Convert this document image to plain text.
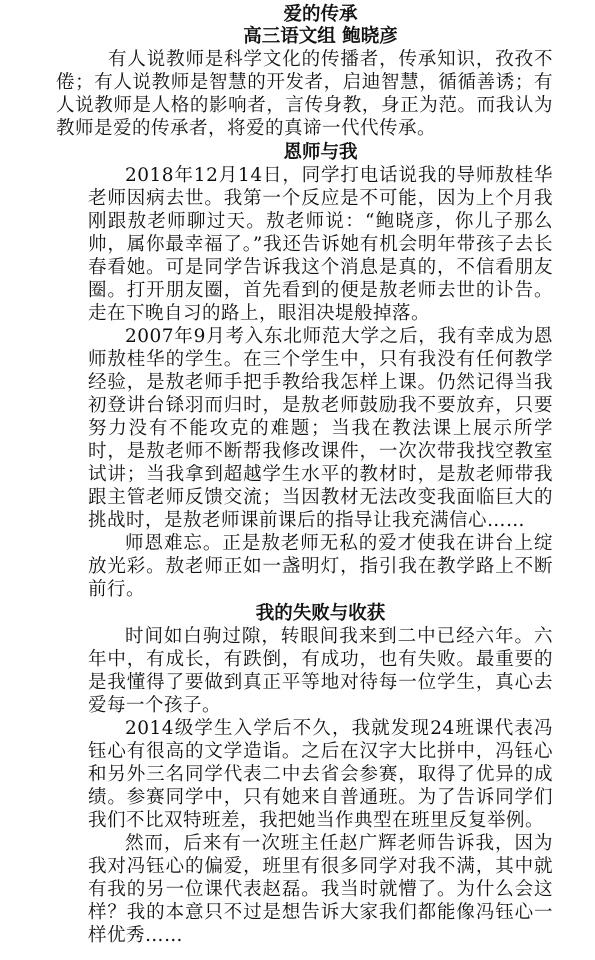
爱的传承
高三语文组 鲍晓彦

有人说教师是科学文化的传播者，传承知识，孜孜不倦；有人说教师是智慧的开发者，启迪智慧，循循善诱；有人说教师是人格的影响者，言传身教，身正为范。而我认为教师是爱的传承者，将爱的真谛一代代传承。

恩师与我

2018年12月14日，同学打电话说我的导师敖桂华老师因病去世。我第一个反应是不可能，因为上个月我刚跟敖老师聊过天。敖老师说：“鲍晓彦，你儿子那么帅，属你最幸福了。”我还告诉她有机会明年带孩子去长春看她。可是同学告诉我这个消息是真的，不信看朋友圈。打开朋友圈，首先看到的便是敖老师去世的讣告。走在下晚自习的路上，眼泪决堤般掉落。

2007年9月考入东北师范大学之后，我有幸成为恩师敖桂华的学生。在三个学生中，只有我没有任何教学经验，是敖老师手把手教给我怎样上课。仍然记得当我初登讲台铩羽而归时，是敖老师鼓励我不要放弃，只要努力没有不能攻克的难题；当我在教法课上展示所学时，是敖老师不断帮我修改课件，一次次带我找空教室试讲；当我拿到超越学生水平的教材时，是敖老师带我跟主管老师反馈交流；当因教材无法改变我面临巨大的挑战时，是敖老师课前课后的指导让我充满信心……

师恩难忘。正是敖老师无私的爱才使我在讲台上绽放光彩。敖老师正如一盏明灯，指引我在教学路上不断前行。

我的失败与收获

时间如白驹过隙，转眼间我来到二中已经六年。六年中，有成长，有跌倒，有成功，也有失败。最重要的是我懂得了要做到真正平等地对待每一位学生，真心去爱每一个孩子。

2014级学生入学后不久，我就发现24班课代表冯钰心有很高的文学造诣。之后在汉字大比拼中，冯钰心和另外三名同学代表二中去省会参赛，取得了优异的成绩。参赛同学中，只有她来自普通班。为了告诉同学们我们不比双特班差，我把她当作典型在班里反复举例。

然而，后来有一次班主任赵广辉老师告诉我，因为我对冯钰心的偏爱，班里有很多同学对我不满，其中就有我的另一位课代表赵磊。我当时就懵了。为什么会这样？我的本意只不过是想告诉大家我们都能像冯钰心一样优秀……
